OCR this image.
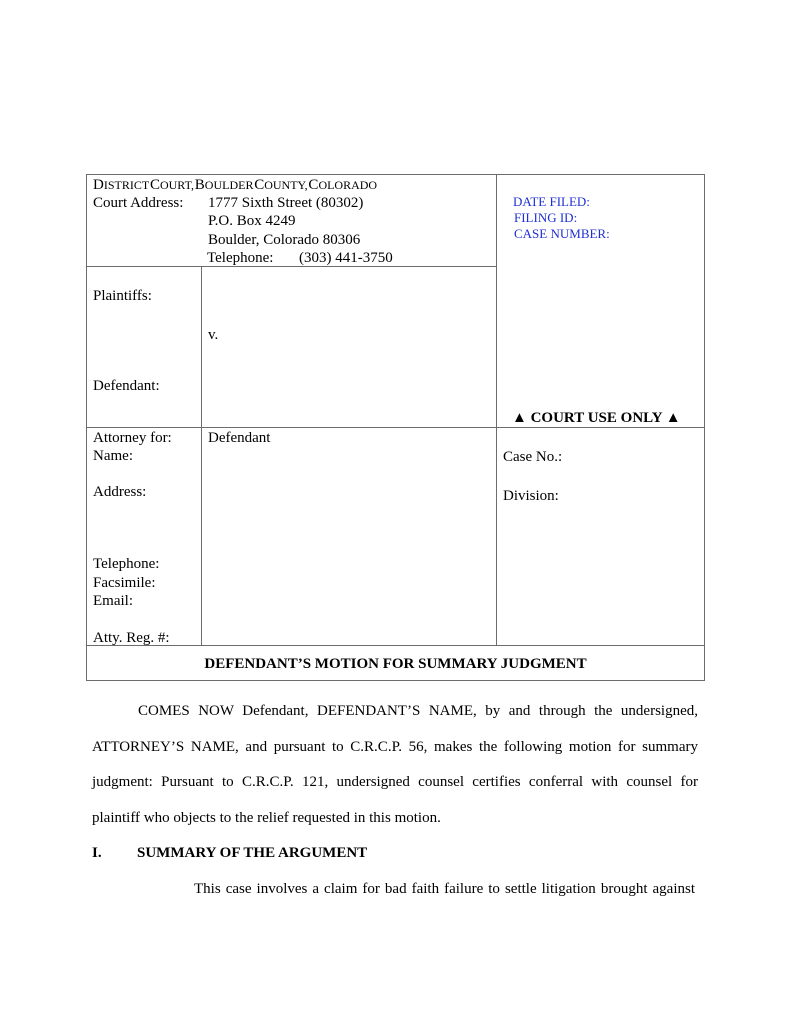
DISTRICT COURT, BOULDER COUNTY, COLORADO
Court Address: 1777 Sixth Street (80302)
P.O. Box 4249
Boulder, Colorado 80306
Telephone: (303) 441-3750
DATE FILED:
FILING ID:
CASE NUMBER:
Plaintiffs:
v.
Defendant:
▲ COURT USE ONLY ▲
Attorney for: Defendant
Name:
Address:
Telephone:
Facsimile:
Email:
Atty. Reg. #:
Case No.:
Division:
DEFENDANT’S MOTION FOR SUMMARY JUDGMENT
COMES NOW Defendant, DEFENDANT’S NAME, by and through the undersigned,
ATTORNEY’S NAME, and pursuant to C.R.C.P. 56, makes the following motion for summary
judgment: Pursuant to C.R.C.P. 121, undersigned counsel certifies conferral with counsel for
plaintiff who objects to the relief requested in this motion.
I. SUMMARY OF THE ARGUMENT
This case involves a claim for bad faith failure to settle litigation brought against
